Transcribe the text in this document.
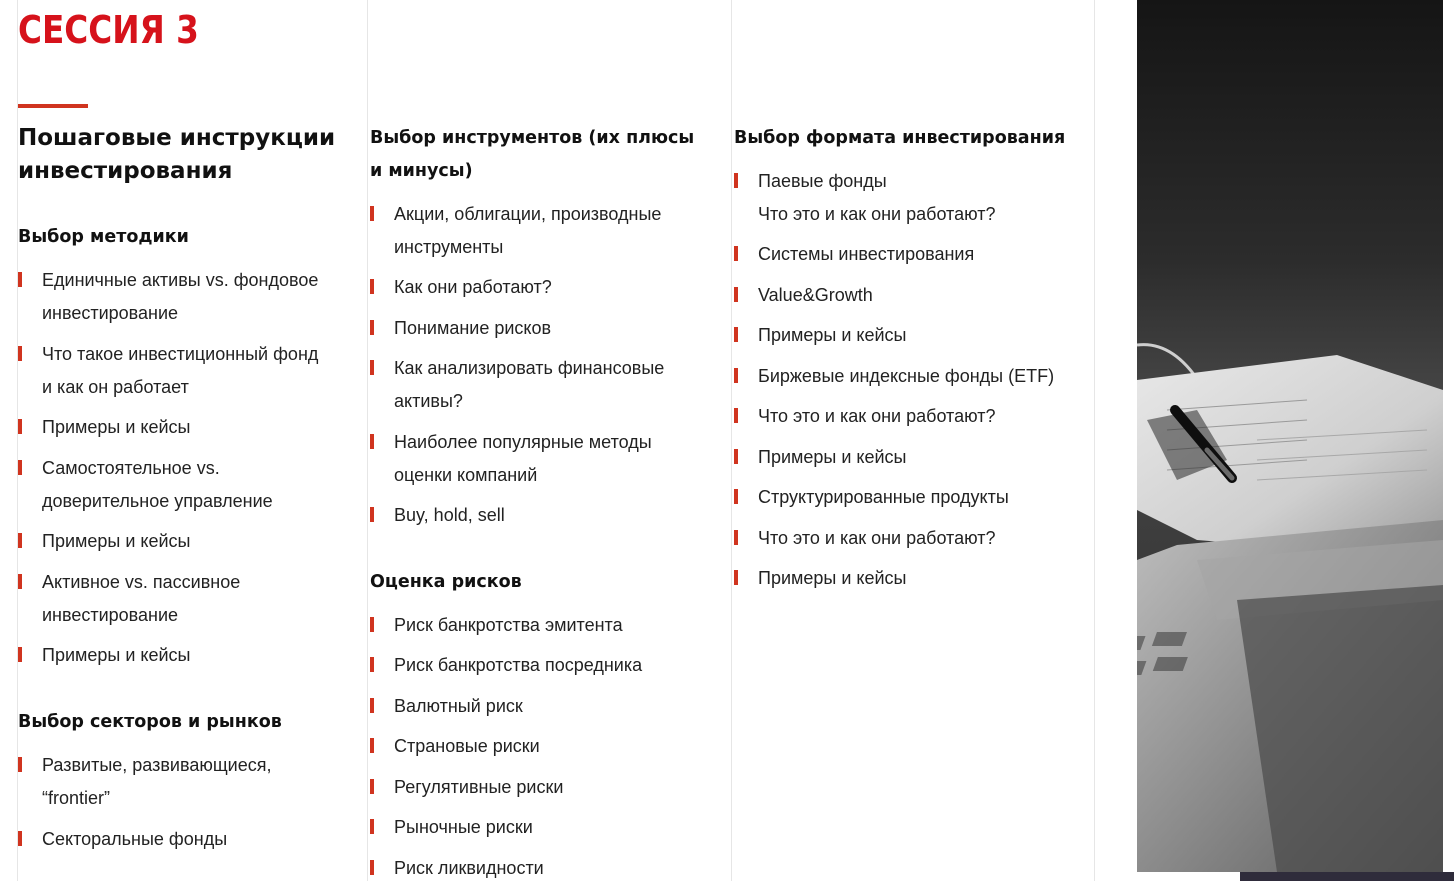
СЕССИЯ 3
Пошаговые инструкции
инвестирования
Выбор методики
Единичные активы vs. фондовое
инвестирование
Что такое инвестиционный фонд
и как он работает
Примеры и кейсы
Самостоятельное vs.
доверительное управление
Примеры и кейсы
Активное vs. пассивное
инвестирование
Примеры и кейсы
Выбор секторов и рынков
Развитые, развивающиеся,
“frontier”
Секторальные фонды
Выбор инструментов (их плюсы
и минусы)
Акции, облигации, производные
инструменты
Как они работают?
Понимание рисков
Как анализировать финансовые
активы?
Наиболее популярные методы
оценки компаний
Buy, hold, sell
Оценка рисков
Риск банкротства эмитента
Риск банкротства посредника
Валютный риск
Страновые риски
Регулятивные риски
Рыночные риски
Риск ликвидности
Выбор формата инвестирования
Паевые фонды
Что это и как они работают?
Системы инвестирования
Value&Growth
Примеры и кейсы
Биржевые индексные фонды (ETF)
Что это и как они работают?
Примеры и кейсы
Структурированные продукты
Что это и как они работают?
Примеры и кейсы
